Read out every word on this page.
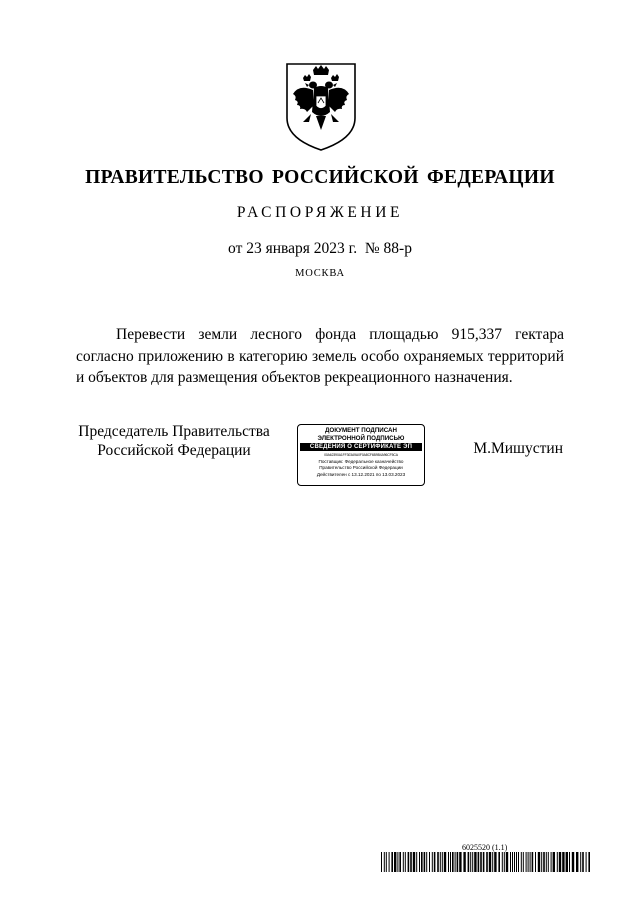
ПРАВИТЕЛЬСТВО РОССИЙСКОЙ ФЕДЕРАЦИИ
РАСПОРЯЖЕНИЕ
от 23 января 2023 г.  № 88-р
МОСКВА
Перевести земли лесного фонда площадью 915,337 гектара согласно приложению в категорию земель особо охраняемых территорий и объектов для размещения объектов рекреационного назначения.
Председатель Правительства
Российской Федерации
ДОКУМЕНТ ПОДПИСАН
ЭЛЕКТРОННОЙ ПОДПИСЬЮ
СВЕДЕНИЯ О СЕРТИФИКАТЕ ЭП
00A62390A1FF303A9A0F0A8CF6B9B4A96CF5CA
Поставщик: Федеральное казначейство
Правительство Российской Федерации
Действителен с 13.12.2021 по 13.03.2023
М.Мишустин
6025520 (1.1)
